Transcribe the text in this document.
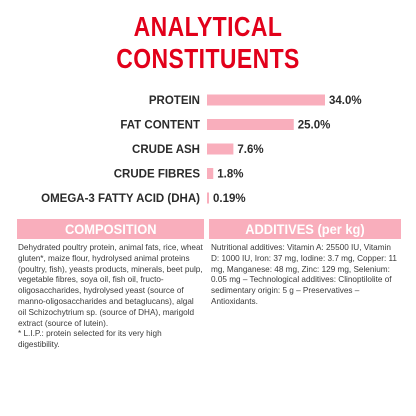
ANALYTICAL
CONSTITUENTS
PROTEIN	34.0%
FAT CONTENT	25.0%
CRUDE ASH	7.6%
CRUDE FIBRES 1.8%
OMEGA-3 FATTY ACID (DHA) 0.19%
COMPOSITION
Dehydrated poultry protein, animal fats, rice, wheat gluten*, maize flour, hydrolysed animal proteins (poultry, fish), yeasts products, minerals, beet pulp, vegetable fibres, soya oil, fish oil, fructo-oligosaccharides, hydrolysed yeast (source of manno-oligosaccharides and betaglucans), algal oil Schizochytrium sp. (source of DHA), marigold extract (source of lutein).
* L.I.P.: protein selected for its very high digestibility.
ADDITIVES (per kg)
Nutritional additives: Vitamin A: 25500 IU, Vitamin D: 1000 IU, Iron: 37 mg, Iodine: 3.7 mg, Copper: 11 mg, Manganese: 48 mg, Zinc: 129 mg, Selenium: 0.05 mg – Technological additives: Clinoptilolite of sedimentary origin: 5 g – Preservatives – Antioxidants.
